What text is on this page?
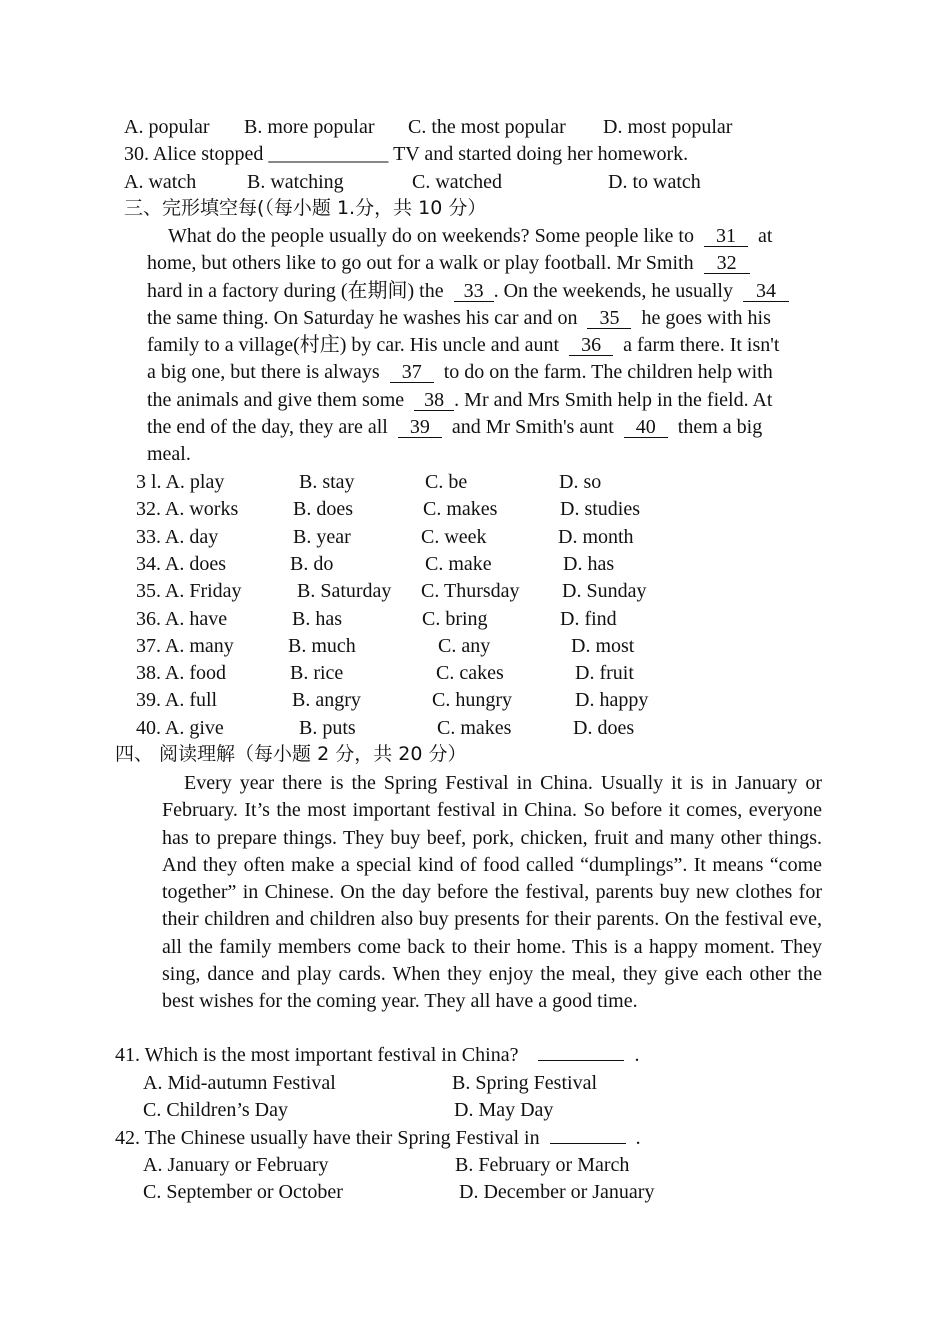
A. popular B. more popular C. the most popular D. most popular
30. Alice stopped ____________ TV and started doing her homework.
A. watch	B. watching	C. watched	D. to watch
三、完形填空每(（每小题 1.分，共 10 分）
What do the people usually do on weekends? Some people like to 31 at
home, but others like to go out for a walk or play football. Mr Smith 32
hard in a factory during (在期间) the 33 . On the weekends, he usually 34
the same thing. On Saturday he washes his car and on 35 he goes with his
family to a village(村庄) by car. His uncle and aunt 36 a farm there. It isn't
a big one, but there is always 37 to do on the farm. The children help with
the animals and give them some 38 . Mr and Mrs Smith help in the field. At
the end of the day, they are all 39 and Mr Smith's aunt 40 them a big
meal.
3 l. A. play	B. stay	C. be	D. so
32. A. works	B. does	C. makes	D. studies
33. A. day	B. year	C. week	D. month
34. A. does	B. do	C. make	D. has
35. A. Friday	B. Saturday C. Thursday D. Sunday
36. A. have	B. has	C. bring	D. find
37. A. many	B. much	C. any	D. most
38. A. food	B. rice	C. cakes	D. fruit
39. A. full	B. angry	C. hungry	D. happy
40. A. give	B. puts	C. makes	D. does
四、 阅读理解（每小题 2 分，共 20 分）
Every year there is the Spring Festival in China. Usually it is in January or February. It’s the most important festival in China. So before it comes, everyone has to prepare things. They buy beef, pork, chicken, fruit and many other things. And they often make a special kind of food called “dumplings”. It means “come together” in Chinese. On the day before the festival, parents buy new clothes for their children and children also buy presents for their parents. On the festival eve, all the family members come back to their home. This is a happy moment. They sing, dance and play cards. When they enjoy the meal, they give each other the best wishes for the coming year. They all have a good time.
41. Which is the most important festival in China?	.
A. Mid-autumn Festival	B. Spring Festival
C. Children’s Day	D. May Day
42. The Chinese usually have their Spring Festival in	.
A. January or February	B. February or March
C. September or October	D. December or January
